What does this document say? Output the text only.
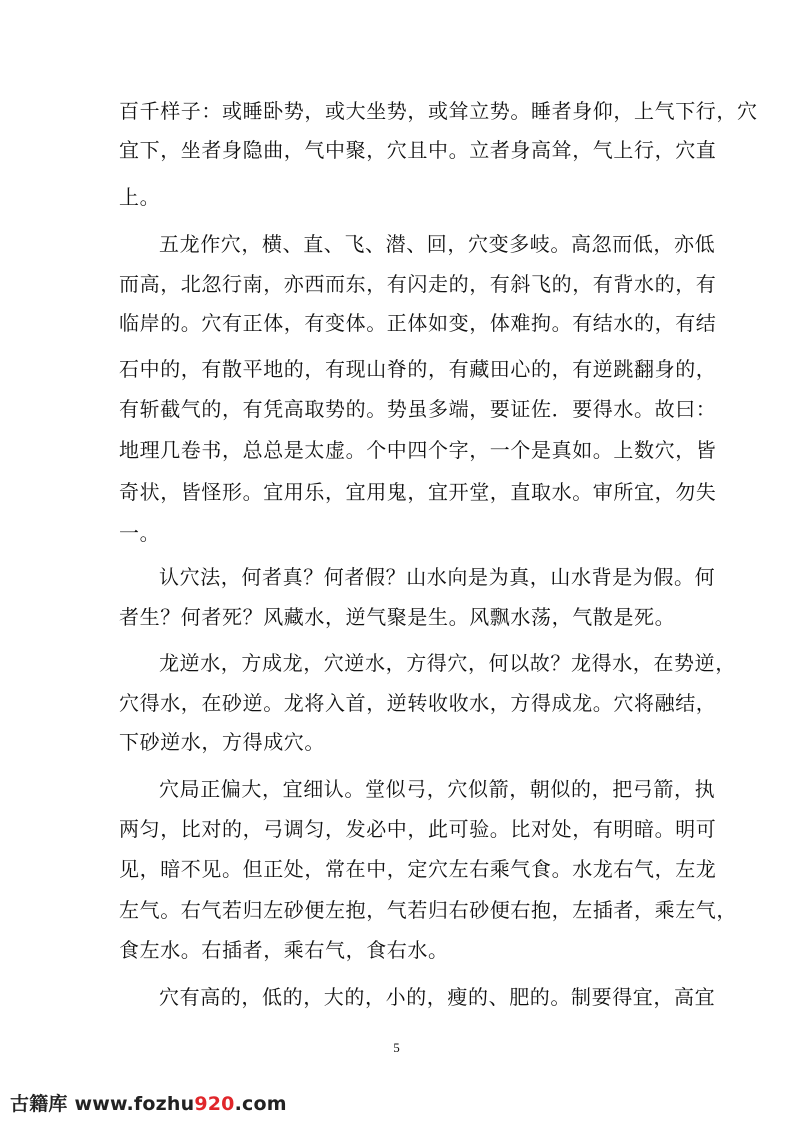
百千样子：或睡卧势，或大坐势，或耸立势。睡者身仰，上气下行，穴
宜下，坐者身隐曲，气中聚，穴且中。立者身高耸，气上行，穴直
上。
五龙作穴，横、直、飞、潜、回，穴变多岐。高忽而低，亦低
而高，北忽行南，亦西而东，有闪走的，有斜飞的，有背水的，有
临岸的。穴有正体，有变体。正体如变，体难拘。有结水的，有结
石中的，有散平地的，有现山脊的，有藏田心的，有逆跳翻身的，
有斩截气的，有凭高取势的。势虽多端，要证佐．要得水。故曰：
地理几卷书，总总是太虚。个中四个字，一个是真如。上数穴，皆
奇状，皆怪形。宜用乐，宜用鬼，宜开堂，直取水。审所宜，勿失
一。
认穴法，何者真？何者假？山水向是为真，山水背是为假。何
者生？何者死？风藏水，逆气聚是生。风飘水荡，气散是死。
龙逆水，方成龙，穴逆水，方得穴，何以故？龙得水，在势逆，
穴得水，在砂逆。龙将入首，逆转收收水，方得成龙。穴将融结，
下砂逆水，方得成穴。
穴局正偏大，宜细认。堂似弓，穴似箭，朝似的，把弓箭，执
两匀，比对的，弓调匀，发必中，此可验。比对处，有明暗。明可
见，暗不见。但正处，常在中，定穴左右乘气食。水龙右气，左龙
左气。右气若归左砂便左抱，气若归右砂便右抱，左插者，乘左气，
食左水。右插者，乘右气，食右水。
穴有高的，低的，大的，小的，瘦的、肥的。制要得宜，高宜
5
古籍库 www.fozhu920.com
